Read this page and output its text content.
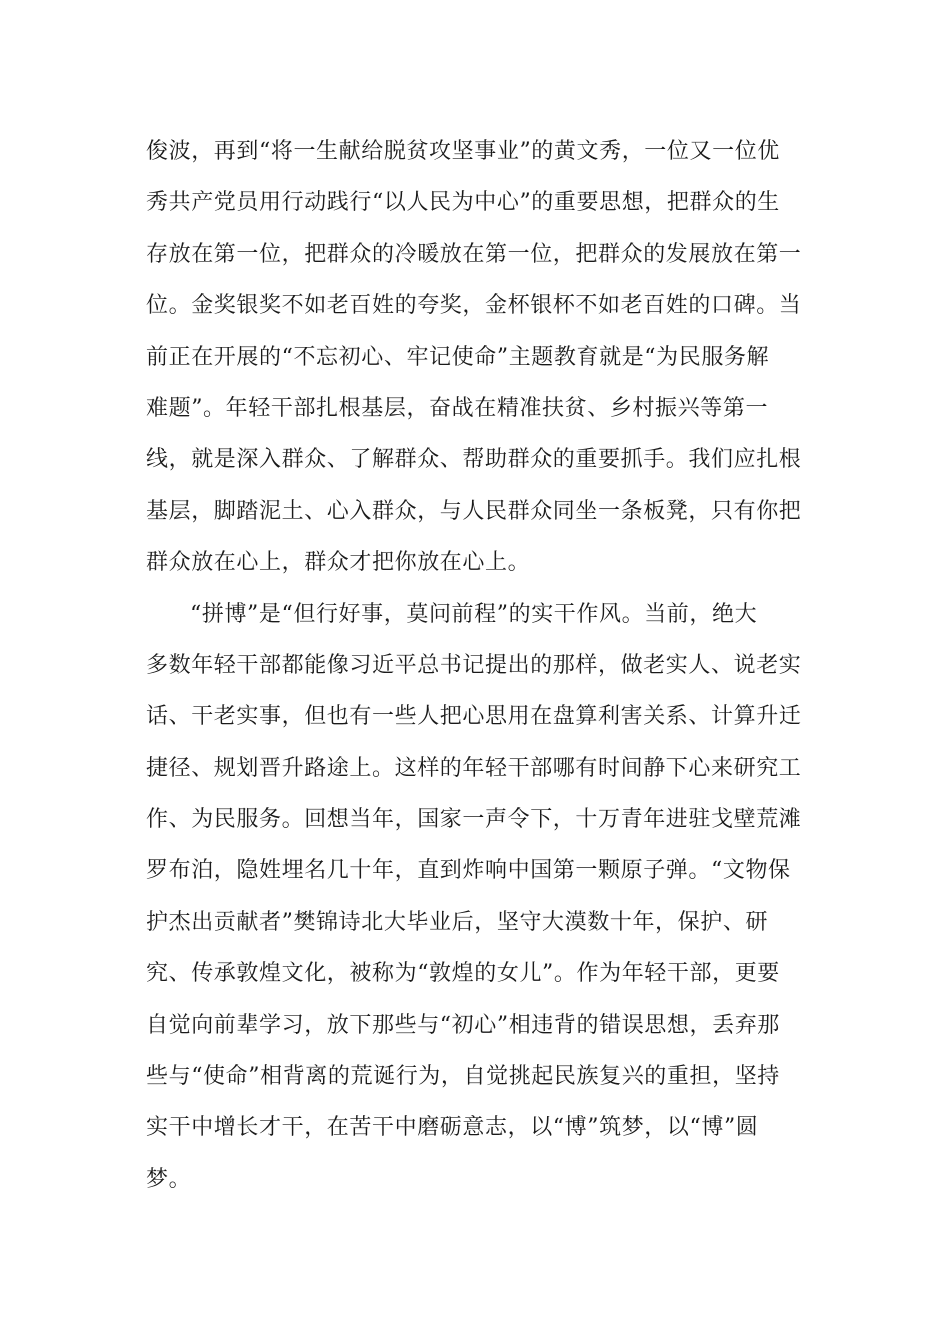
俊波，再到“将一生献给脱贫攻坚事业”的黄文秀，一位又一位优
秀共产党员用行动践行“以人民为中心”的重要思想，把群众的生
存放在第一位，把群众的冷暖放在第一位，把群众的发展放在第一
位。金奖银奖不如老百姓的夸奖，金杯银杯不如老百姓的口碑。当
前正在开展的“不忘初心、牢记使命”主题教育就是“为民服务解
难题”。年轻干部扎根基层，奋战在精准扶贫、乡村振兴等第一
线，就是深入群众、了解群众、帮助群众的重要抓手。我们应扎根
基层，脚踏泥土、心入群众，与人民群众同坐一条板凳，只有你把
群众放在心上，群众才把你放在心上。
“拼博”是“但行好事，莫问前程”的实干作风。当前，绝大
多数年轻干部都能像习近平总书记提出的那样，做老实人、说老实
话、干老实事，但也有一些人把心思用在盘算利害关系、计算升迁
捷径、规划晋升路途上。这样的年轻干部哪有时间静下心来研究工
作、为民服务。回想当年，国家一声令下，十万青年进驻戈壁荒滩
罗布泊，隐姓埋名几十年，直到炸响中国第一颗原子弹。“文物保
护杰出贡献者”樊锦诗北大毕业后，坚守大漠数十年，保护、研
究、传承敦煌文化，被称为“敦煌的女儿”。作为年轻干部，更要
自觉向前辈学习，放下那些与“初心”相违背的错误思想，丢弃那
些与“使命”相背离的荒诞行为，自觉挑起民族复兴的重担，坚持
实干中增长才干，在苦干中磨砺意志，以“博”筑梦，以“博”圆
梦。
